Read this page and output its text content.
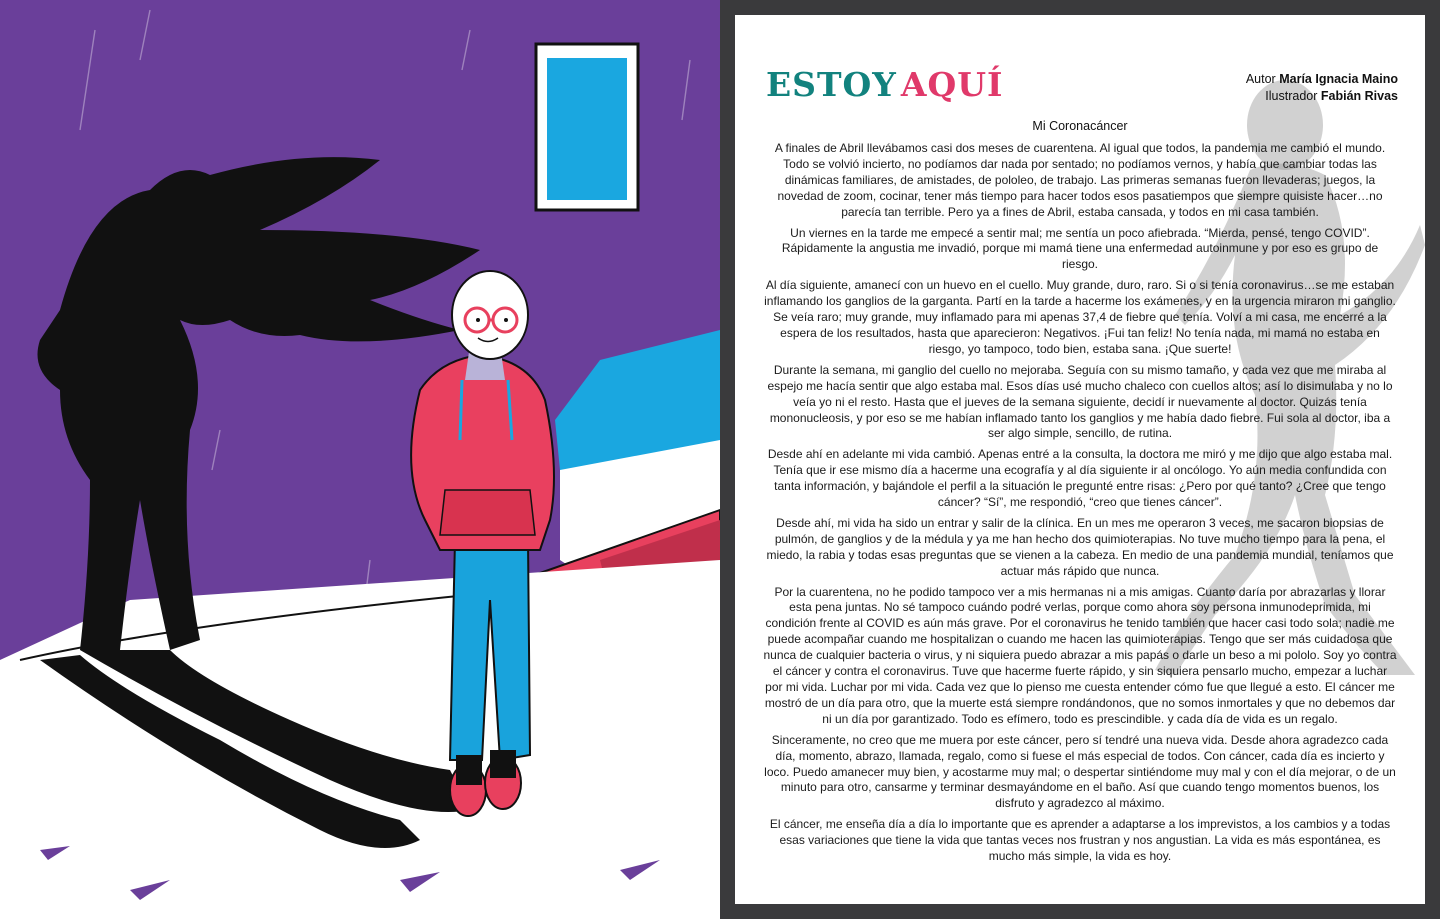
ESTOY AQUÍ	Autor María Ignacia Maino
Ilustrador Fabián Rivas
Mi Coronacáncer

A finales de Abril llevábamos casi dos meses de cuarentena. Al igual que todos, la pandemia me cambió el mundo. Todo se volvió incierto, no podíamos dar nada por sentado; no podíamos vernos, y había que cambiar todas las dinámicas familiares, de amistades, de pololeo, de trabajo. Las primeras semanas fueron llevaderas; juegos, la novedad de zoom, cocinar, tener más tiempo para hacer todos esos pasatiempos que siempre quisiste hacer…no parecía tan terrible. Pero ya a fines de Abril, estaba cansada, y todos en mi casa también.

Un viernes en la tarde me empecé a sentir mal; me sentía un poco afiebrada. “Mierda, pensé, tengo COVID”. Rápidamente la angustia me invadió, porque mi mamá tiene una enfermedad autoinmune y por eso es grupo de riesgo.

Al día siguiente, amanecí con un huevo en el cuello. Muy grande, duro, raro. Si o si tenía coronavirus…se me estaban inflamando los ganglios de la garganta. Partí en la tarde a hacerme los exámenes, y en la urgencia miraron mi ganglio. Se veía raro; muy grande, muy inflamado para mi apenas 37,4 de fiebre que tenía. Volví a mi casa, me encerré a la espera de los resultados, hasta que aparecieron: Negativos. ¡Fui tan feliz! No tenía nada, mi mamá no estaba en riesgo, yo tampoco, todo bien, estaba sana. ¡Que suerte!

Durante la semana, mi ganglio del cuello no mejoraba. Seguía con su mismo tamaño, y cada vez que me miraba al espejo me hacía sentir que algo estaba mal. Esos días usé mucho chaleco con cuellos altos; así lo disimulaba y no lo veía yo ni el resto. Hasta que el jueves de la semana siguiente, decidí ir nuevamente al doctor. Quizás tenía mononucleosis, y por eso se me habían inflamado tanto los ganglios y me había dado fiebre. Fui sola al doctor, iba a ser algo simple, sencillo, de rutina.

Desde ahí en adelante mi vida cambió. Apenas entré a la consulta, la doctora me miró y me dijo que algo estaba mal. Tenía que ir ese mismo día a hacerme una ecografía y al día siguiente ir al oncólogo. Yo aún media confundida con tanta información, y bajándole el perfil a la situación le pregunté entre risas: ¿Pero por qué tanto? ¿Cree que tengo cáncer? “Sí”, me respondió, “creo que tienes cáncer”.

Desde ahí, mi vida ha sido un entrar y salir de la clínica. En un mes me operaron 3 veces, me sacaron biopsias de pulmón, de ganglios y de la médula y ya me han hecho dos quimioterapias. No tuve mucho tiempo para la pena, el miedo, la rabia y todas esas preguntas que se vienen a la cabeza. En medio de una pandemia mundial, teníamos que actuar más rápido que nunca.

Por la cuarentena, no he podido tampoco ver a mis hermanas ni a mis amigas. Cuanto daría por abrazarlas y llorar esta pena juntas. No sé tampoco cuándo podré verlas, porque como ahora soy persona inmunodeprimida, mi condición frente al COVID es aún más grave. Por el coronavirus he tenido también que hacer casi todo sola; nadie me puede acompañar cuando me hospitalizan o cuando me hacen las quimioterapias. Tengo que ser más cuidadosa que nunca de cualquier bacteria o virus, y ni siquiera puedo abrazar a mis papás o darle un beso a mi pololo. Soy yo contra el cáncer y contra el coronavirus. Tuve que hacerme fuerte rápido, y sin siquiera pensarlo mucho, empezar a luchar por mi vida. Luchar por mi vida. Cada vez que lo pienso me cuesta entender cómo fue que llegué a esto. El cáncer me mostró de un día para otro, que la muerte está siempre rondándonos, que no somos inmortales y que no debemos dar ni un día por garantizado. Todo es efímero, todo es prescindible. y cada día de vida es un regalo.

Sinceramente, no creo que me muera por este cáncer, pero sí tendré una nueva vida. Desde ahora agradezco cada día, momento, abrazo, llamada, regalo, como si fuese el más especial de todos. Con cáncer, cada día es incierto y loco. Puedo amanecer muy bien, y acostarme muy mal; o despertar sintiéndome muy mal y con el día mejorar, o de un minuto para otro, cansarme y terminar desmayándome en el baño. Así que cuando tengo momentos buenos, los disfruto y agradezco al máximo.

El cáncer, me enseña día a día lo importante que es aprender a adaptarse a los imprevistos, a los cambios y a todas esas variaciones que tiene la vida que tantas veces nos frustran y nos angustian. La vida es más espontánea, es mucho más simple, la vida es hoy.
